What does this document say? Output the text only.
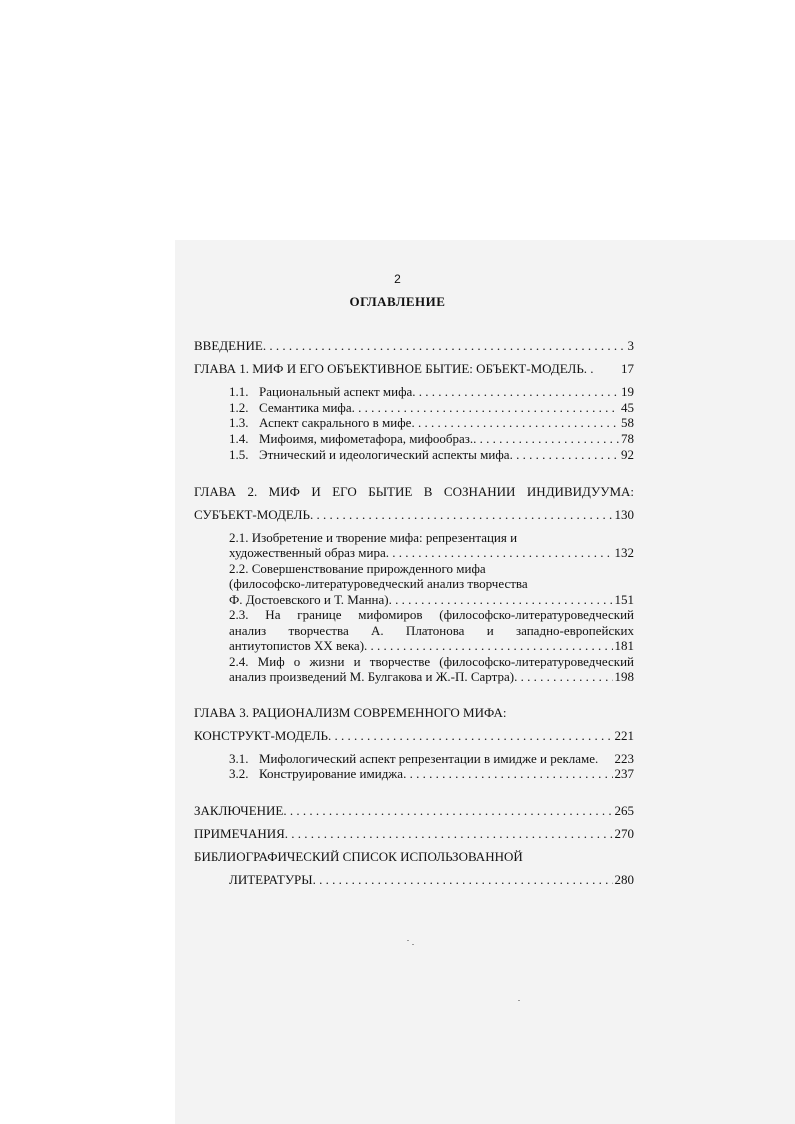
2
ОГЛАВЛЕНИЕ
ВВЕДЕНИЕ . . .	3
ГЛАВА 1. МИФ И ЕГО ОБЪЕКТИВНОЕ БЫТИЕ: ОБЪЕКТ-МОДЕЛЬ. . 17
1.1. Рациональный аспект мифа . . .	19
1.2. Семантика мифа . . .	45
1.3. Аспект сакрального в мифе . . .	58
1.4. Мифоимя, мифометафора, мифообраз. . . .	78
1.5. Этнический и идеологический аспекты мифа . . .	92
ГЛАВА 2. МИФ И ЕГО БЫТИЕ В СОЗНАНИИ ИНДИВИДУУМА:
СУБЪЕКТ-МОДЕЛЬ . . .	130
2.1. Изобретение и творение мифа: репрезентация и
художественный образ мира . . .	132
2.2. Совершенствование прирожденного мифа
(философско-литературоведческий анализ творчества
Ф. Достоевского и Т. Манна) . . .	151
2.3. На границе мифомиров (философско-литературоведческий
анализ творчества А. Платонова и западно-европейских
антиутопистов XX века) . . .	181
2.4. Миф о жизни и творчестве (философско-литературоведческий
анализ произведений М. Булгакова и Ж.-П. Сартра) . . .	198
ГЛАВА 3. РАЦИОНАЛИЗМ СОВРЕМЕННОГО МИФА:
КОНСТРУКТ-МОДЕЛЬ . . .	221
3.1. Мифологический аспект репрезентации в имидже и рекламе. 223
3.2. Конструирование имиджа . . .	237
ЗАКЛЮЧЕНИЕ . . .	265
ПРИМЕЧАНИЯ . . .	270
БИБЛИОГРАФИЧЕСКИЙ СПИСОК ИСПОЛЬЗОВАННОЙ
ЛИТЕРАТУРЫ . . .	280
